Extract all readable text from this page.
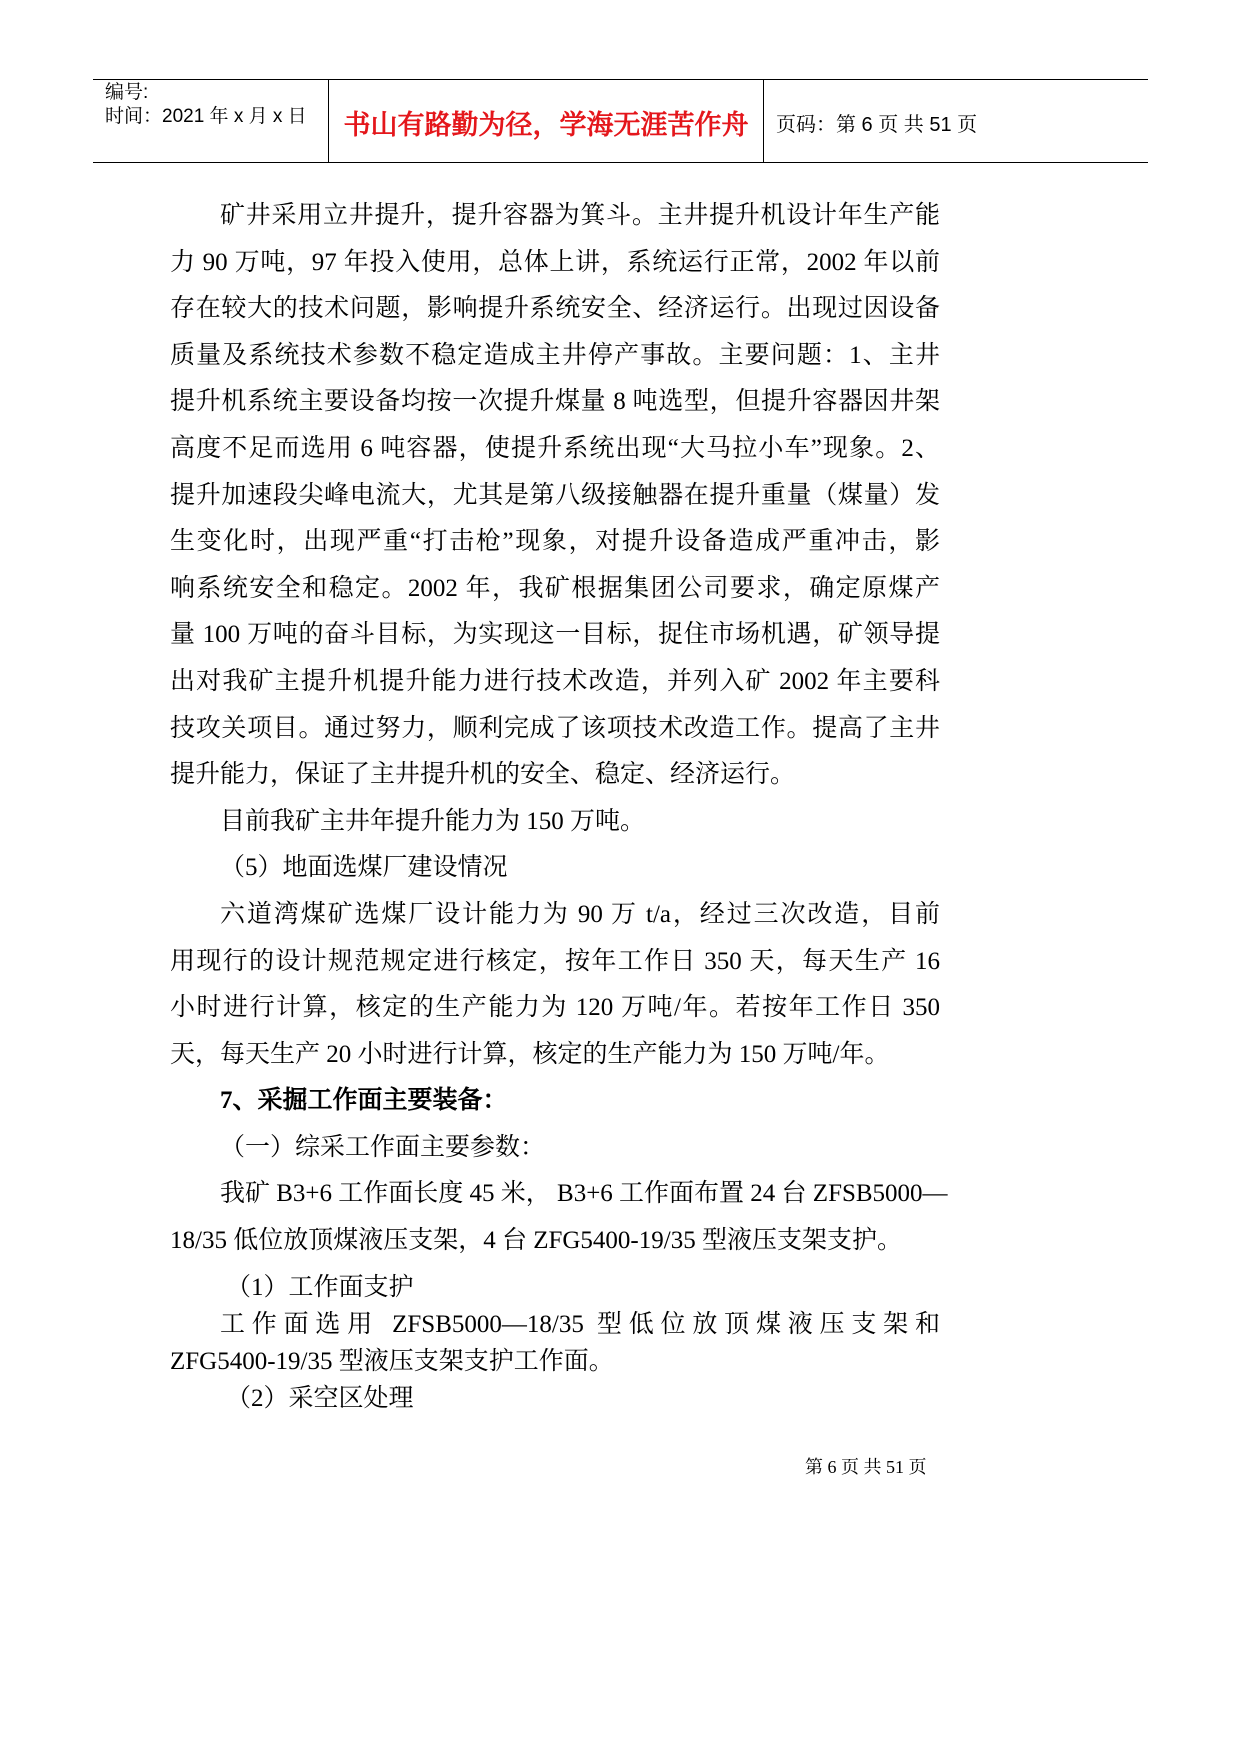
编号:
时间：2021 年 x 月 x 日	书山有路勤为径，学海无涯苦作舟 页码：第 6 页 共 51 页
矿井采用立井提升，提升容器为箕斗。主井提升机设计年生产能
力 90 万吨，97 年投入使用，总体上讲，系统运行正常，2002 年以前
存在较大的技术问题，影响提升系统安全、经济运行。出现过因设备
质量及系统技术参数不稳定造成主井停产事故。主要问题：1、主井
提升机系统主要设备均按一次提升煤量 8 吨选型，但提升容器因井架
高度不足而选用 6 吨容器，使提升系统出现“大马拉小车”现象。2、
提升加速段尖峰电流大，尤其是第八级接触器在提升重量（煤量）发
生变化时，出现严重“打击枪”现象，对提升设备造成严重冲击，影
响系统安全和稳定。2002 年，我矿根据集团公司要求，确定原煤产
量 100 万吨的奋斗目标，为实现这一目标，捉住市场机遇，矿领导提
出对我矿主提升机提升能力进行技术改造，并列入矿 2002 年主要科
技攻关项目。通过努力，顺利完成了该项技术改造工作。提高了主井
提升能力，保证了主井提升机的安全、稳定、经济运行。
目前我矿主井年提升能力为 150 万吨。
（5）地面选煤厂建设情况
六道湾煤矿选煤厂设计能力为 90 万 t/a，经过三次改造，目前
用现行的设计规范规定进行核定，按年工作日 350 天，每天生产 16
小时进行计算，核定的生产能力为 120 万吨/年。若按年工作日 350
天，每天生产 20 小时进行计算，核定的生产能力为 150 万吨/年。
7、采掘工作面主要装备：
（一）综采工作面主要参数：
我矿 B3+6 工作面长度 45 米， B3+6 工作面布置 24 台 ZFSB5000—
18/35 低位放顶煤液压支架，4 台 ZFG5400-19/35 型液压支架支护。
（1）工作面支护
工作面选用 ZFSB5000—18/35 型低位放顶煤液压支架和
ZFG5400-19/35 型液压支架支护工作面。
（2）采空区处理
第 6 页 共 51 页
